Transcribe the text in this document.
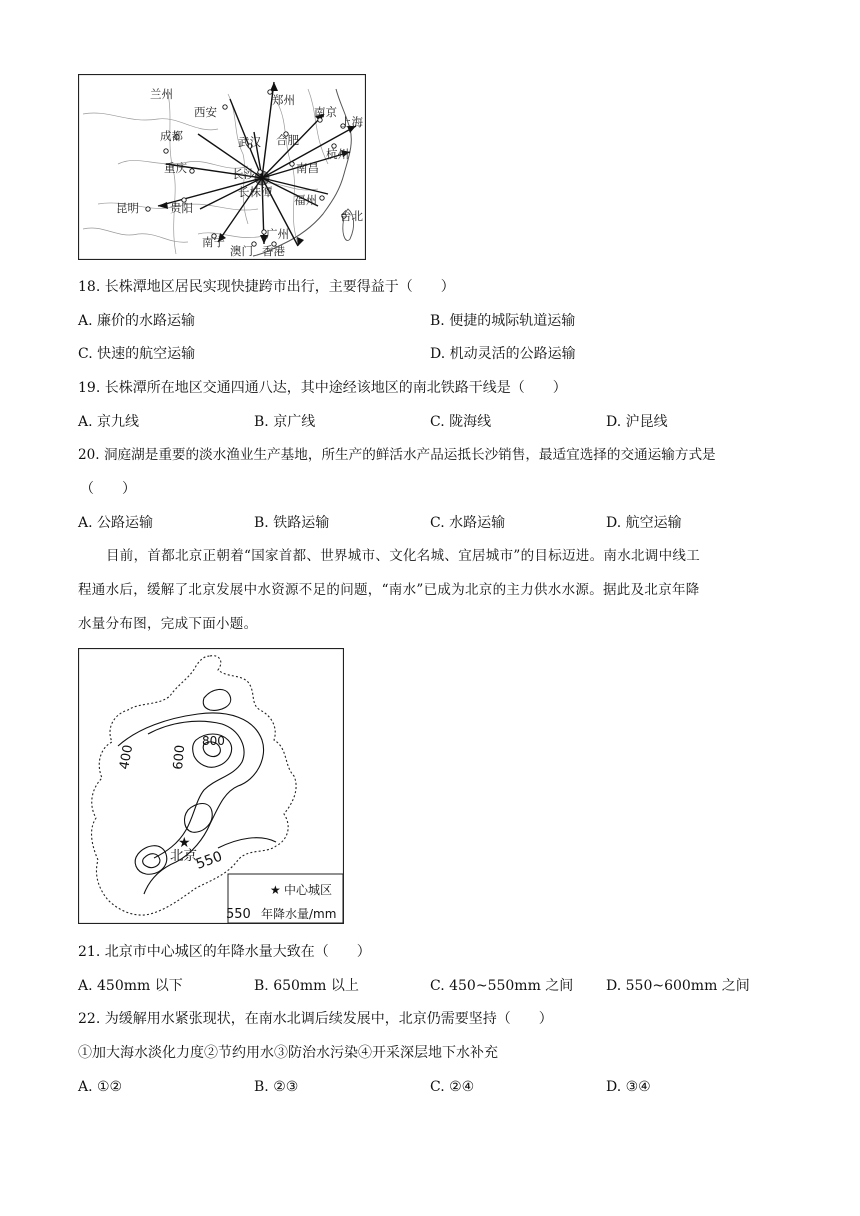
兰州
西安
郑州
南京
上海
成都	武汉 合肥
杭州
重庆	长沙	南昌
长株潭
福州
昆明	贵阳
台北
南宁
广州
澳门 香港
18. 长株潭地区居民实现快捷跨市出行，主要得益于（　　）
A. 廉价的水路运输	B. 便捷的城际轨道运输
C. 快速的航空运输	D. 机动灵活的公路运输
19. 长株潭所在地区交通四通八达，其中途经该地区的南北铁路干线是（　　）
A. 京九线	B. 京广线	C. 陇海线	D. 沪昆线
20. 洞庭湖是重要的淡水渔业生产基地，所生产的鲜活水产品运抵长沙销售，最适宜选择的交通运输方式是
（　　）
A. 公路运输	B. 铁路运输	C. 水路运输	D. 航空运输
目前，首都北京正朝着“国家首都、世界城市、文化名城、宜居城市”的目标迈进。南水北调中线工
程通水后，缓解了北京发展中水资源不足的问题，“南水”已成为北京的主力供水水源。据此及北京年降
水量分布图，完成下面小题。
800
600
400
★
北京
550
★ 中心城区
550 年降水量/mm
21. 北京市中心城区的年降水量大致在（　　）
A. 450mm 以下	B. 650mm 以上	C. 450~550mm 之间 D. 550~600mm 之间
22. 为缓解用水紧张现状，在南水北调后续发展中，北京仍需要坚持（　　）
①加大海水淡化力度②节约用水③防治水污染④开采深层地下水补充
A. ①②	B. ②③	C. ②④	D. ③④
